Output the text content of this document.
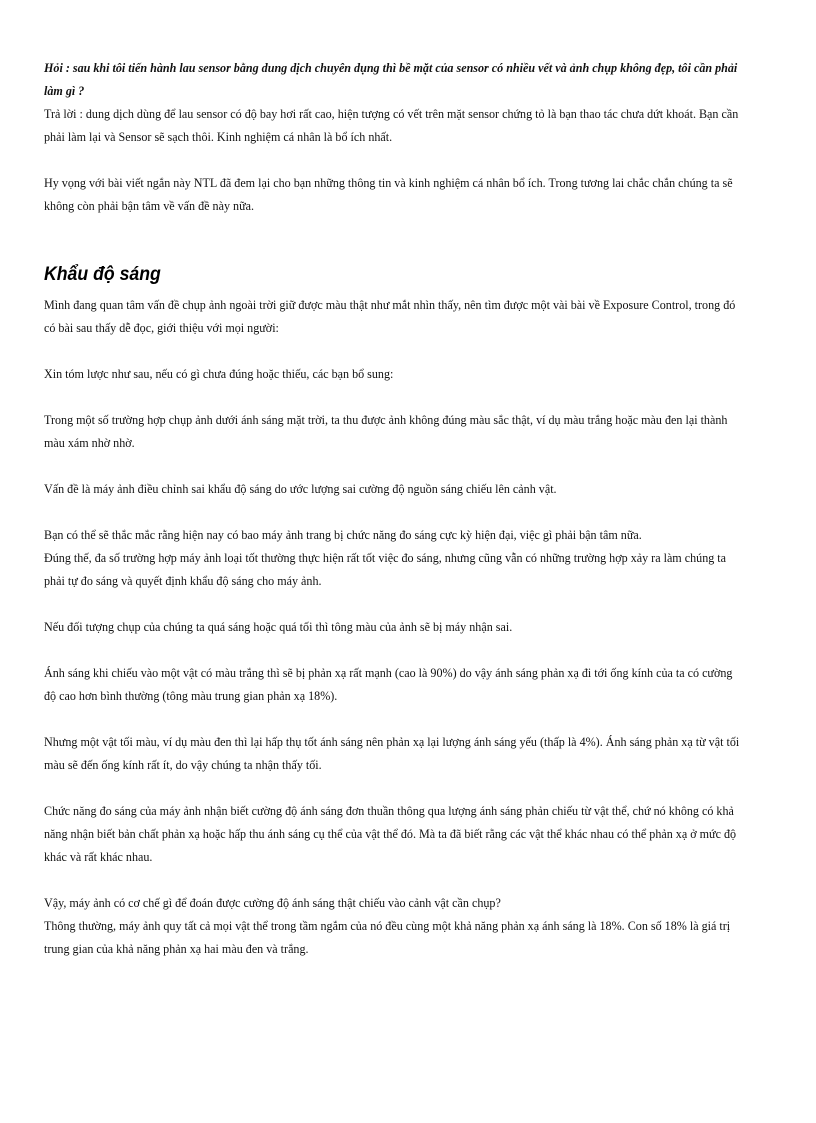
Hỏi : sau khi tôi tiến hành lau sensor bằng dung dịch chuyên dụng thì bề mặt của sensor có nhiều vết và ảnh chụp không đẹp, tôi cần phải làm gì ?

Trả lời : dung dịch dùng để lau sensor có độ bay hơi rất cao, hiện tượng có vết trên mặt sensor chứng tỏ là bạn thao tác chưa dứt khoát. Bạn cần phải làm lại và Sensor sẽ sạch thôi. Kinh nghiệm cá nhân là bổ ích nhất.

Hy vọng với bài viết ngắn này NTL đã đem lại cho bạn những thông tin và kinh nghiệm cá nhân bổ ích. Trong tương lai chắc chắn chúng ta sẽ không còn phải bận tâm về vấn đề này nữa.

Khẩu độ sáng

Mình đang quan tâm vấn đề chụp ảnh ngoài trời giữ được màu thật như mắt nhìn thấy, nên tìm được một vài bài về Exposure Control, trong đó có bài sau thấy dễ đọc, giới thiệu với mọi người:

Xin tóm lược như sau, nếu có gì chưa đúng hoặc thiếu, các bạn bổ sung:

Trong một số trường hợp chụp ảnh dưới ánh sáng mặt trời, ta thu được ảnh không đúng màu sắc thật, ví dụ màu trắng hoặc màu đen lại thành màu xám nhờ nhờ.

Vấn đề là máy ảnh điều chỉnh sai khẩu độ sáng do ước lượng sai cường độ nguồn sáng chiếu lên cảnh vật.

Bạn có thể sẽ thắc mắc rằng hiện nay có bao máy ảnh trang bị chức năng đo sáng cực kỳ hiện đại, việc gì phải bận tâm nữa.

Đúng thế, đa số trường hợp máy ảnh loại tốt thường thực hiện rất tốt việc đo sáng, nhưng cũng vẫn có những trường hợp xảy ra làm chúng ta phải tự đo sáng và quyết định khẩu độ sáng cho máy ảnh.

Nếu đối tượng chụp của chúng ta quá sáng hoặc quá tối thì tông màu của ảnh sẽ bị máy nhận sai.

Ánh sáng khi chiếu vào một vật có màu trắng thì sẽ bị phản xạ rất mạnh (cao là 90%) do vậy ánh sáng phản xạ đi tới ống kính của ta có cường độ cao hơn bình thường (tông màu trung gian phản xạ 18%).

Nhưng một vật tối màu, ví dụ màu đen thì lại hấp thụ tốt ánh sáng nên phản xạ lại lượng ánh sáng yếu (thấp là 4%). Ánh sáng phản xạ từ vật tối màu sẽ đến ống kính rất ít, do vậy chúng ta nhận thấy tối.

Chức năng đo sáng của máy ảnh nhận biết cường độ ánh sáng đơn thuần thông qua lượng ánh sáng phản chiếu từ vật thể, chứ nó không có khả năng nhận biết bản chất phản xạ hoặc hấp thu ánh sáng cụ thể của vật thể đó. Mà ta đã biết rằng các vật thể khác nhau có thể phản xạ ở mức độ khác và rất khác nhau.

Vậy, máy ảnh có cơ chế gì để đoán được cường độ ánh sáng thật chiếu vào cảnh vật cần chụp?

Thông thường, máy ảnh quy tất cả mọi vật thể trong tầm ngắm của nó đều cùng một khả năng phản xạ ánh sáng là 18%. Con số 18% là giá trị trung gian của khả năng phản xạ hai màu đen và trắng.
